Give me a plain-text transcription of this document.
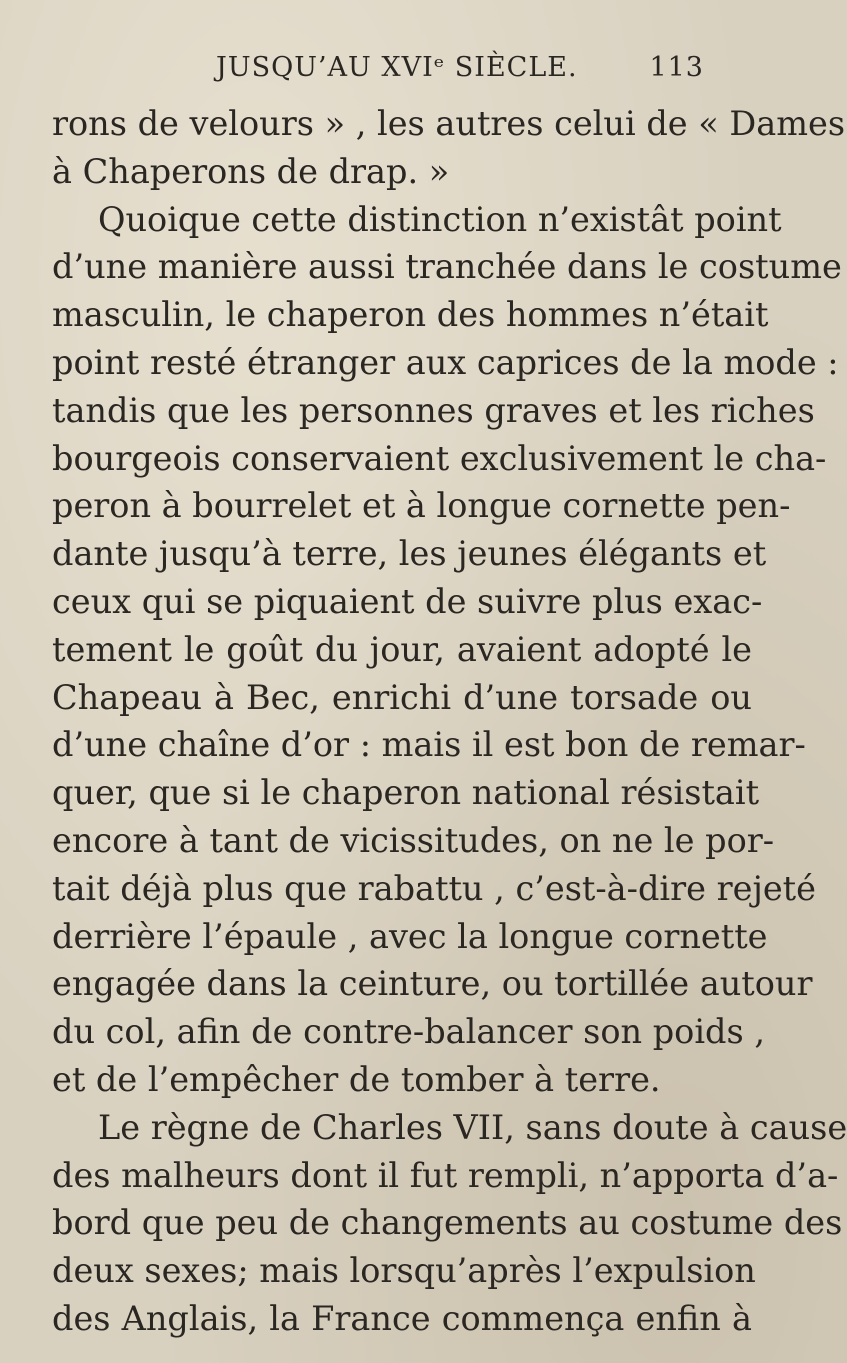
JUSQU’AU XVIᵉ SIÈCLE.	113
rons de velours » , les autres celui de « Dames
à Chaperons de drap. »
Quoique cette distinction n’existât point
d’une manière aussi tranchée dans le costume
masculin, le chaperon des hommes n’était
point resté étranger aux caprices de la mode :
tandis que les personnes graves et les riches
bourgeois conservaient exclusivement le cha-
peron à bourrelet et à longue cornette pen-
dante jusqu’à terre, les jeunes élégants et
ceux qui se piquaient de suivre plus exac-
tement le goût du jour, avaient adopté le
Chapeau à Bec, enrichi d’une torsade ou
d’une chaîne d’or : mais il est bon de remar-
quer, que si le chaperon national résistait
encore à tant de vicissitudes, on ne le por-
tait déjà plus que rabattu , c’est-à-dire rejeté
derrière l’épaule , avec la longue cornette
engagée dans la ceinture, ou tortillée autour
du col, afin de contre-balancer son poids ,
et de l’empêcher de tomber à terre.
Le règne de Charles VII, sans doute à cause
des malheurs dont il fut rempli, n’apporta d’a-
bord que peu de changements au costume des
deux sexes; mais lorsqu’après l’expulsion
des Anglais, la France commença enfin à
